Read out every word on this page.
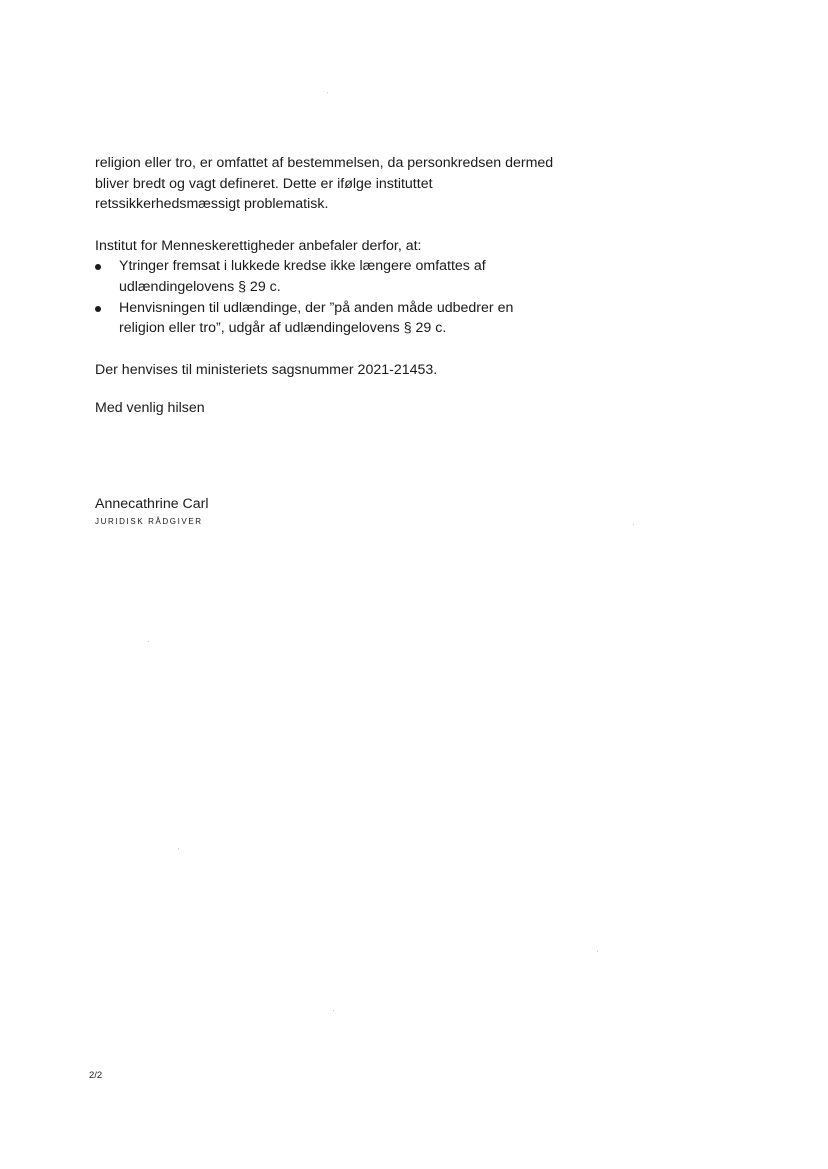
religion eller tro, er omfattet af bestemmelsen, da personkredsen dermed bliver bredt og vagt defineret. Dette er ifølge instituttet retssikkerhedsmæssigt problematisk.

Institut for Menneskerettigheder anbefaler derfor, at:

Ytringer fremsat i lukkede kredse ikke længere omfattes af udlændingelovens § 29 c.
Henvisningen til udlændinge, der ”på anden måde udbedrer en religion eller tro”, udgår af udlændingelovens § 29 c.

Der henvises til ministeriets sagsnummer 2021-21453.

Med venlig hilsen

Annecathrine Carl
JURIDISK RÅDGIVER
2/2
